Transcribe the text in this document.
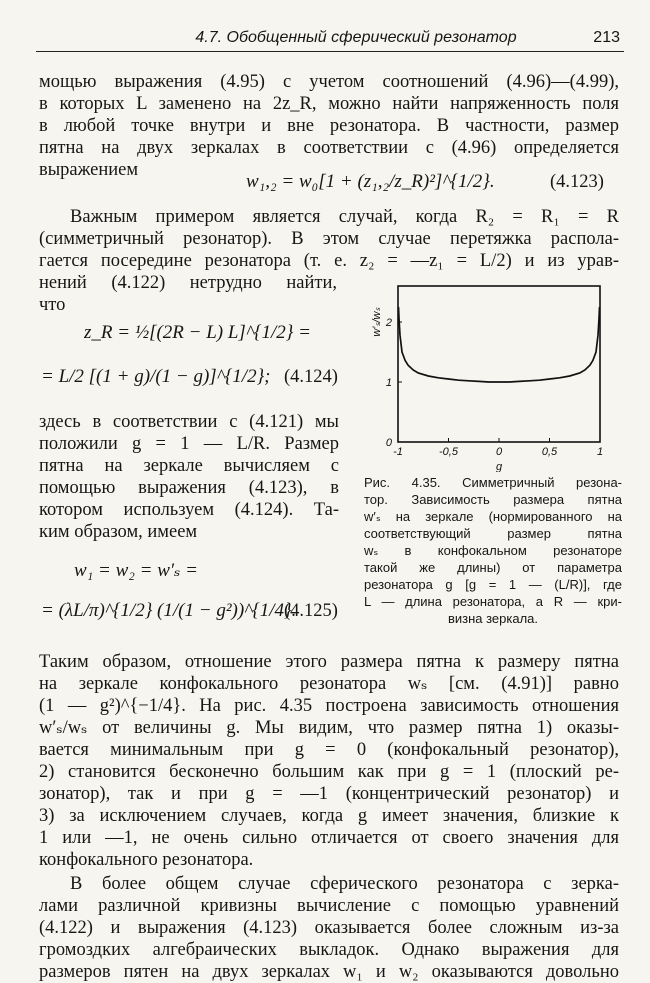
4.7. Обобщенный сферический резонатор	213
мощью выражения (4.95) с учетом соотношений (4.96)—(4.99),
в которых L заменено на 2z_R, можно найти напряженность поля
в любой точке внутри и вне резонатора. В частности, размер
пятна на двух зеркалах в соответствии с (4.96) определяется
выражением
w₁,₂ = w₀[1 + (z₁,₂/z_R)²]^{1/2}.	(4.123)
Важным примером является случай, когда R₂ = R₁ = R
(симметричный резонатор). В этом случае перетяжка распола-
гается посередине резонатора (т. е. z₂ = —z₁ = L/2) и из урав-
нений (4.122) нетрудно найти,
что
z_R = ½[(2R − L) L]^{1/2} =
= L/2 [(1 + g)/(1 − g)]^{1/2}; (4.124)
здесь в соответствии с (4.121) мы
положили g = 1 — L/R. Размер
пятна на зеркале вычисляем с
помощью выражения (4.123), в
котором используем (4.124). Та-
ким образом, имеем
w₁ = w₂ = w′ₛ =
= (λL/π)^{1/2} (1/(1 − g²))^{1/4}.
(4.125)
-1	-0,5	0	0,5	1
0
1
2
g
w′ₛ/wₛ
Рис. 4.35. Симметричный резона-
тор. Зависимость размера пятна
w′ₛ на зеркале (нормированного на
соответствующий размер пятна
wₛ в конфокальном резонаторе
такой же длины) от параметра
резонатора g [g = 1 — (L/R)], где
L — длина резонатора, а R — кри-
визна зеркала.
Таким образом, отношение этого размера пятна к размеру пятна
на зеркале конфокального резонатора wₛ [см. (4.91)] равно
(1 — g²)^{−1/4}. На рис. 4.35 построена зависимость отношения
w′ₛ/wₛ от величины g. Мы видим, что размер пятна 1) оказы-
вается минимальным при g = 0 (конфокальный резонатор),
2) становится бесконечно большим как при g = 1 (плоский ре-
зонатор), так и при g = —1 (концентрический резонатор) и
3) за исключением случаев, когда g имеет значения, близкие к
1 или —1, не очень сильно отличается от своего значения для
конфокального резонатора.
В более общем случае сферического резонатора с зерка-
лами различной кривизны вычисление с помощью уравнений
(4.122) и выражения (4.123) оказывается более сложным из-за
громоздких алгебраических выкладок. Однако выражения для
размеров пятен на двух зеркалах w₁ и w₂ оказываются довольно
